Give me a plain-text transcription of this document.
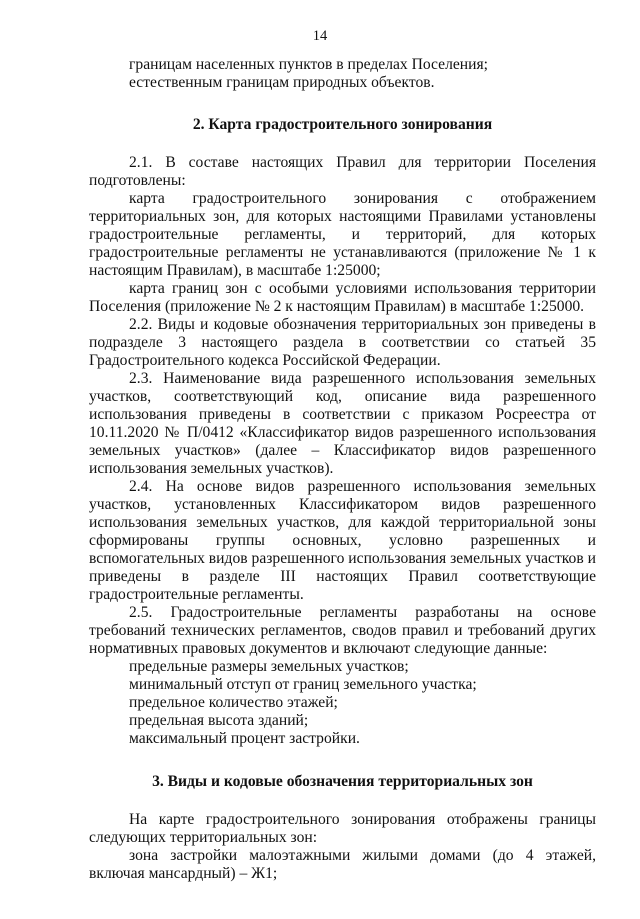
14

границам населенных пунктов в пределах Поселения;

естественным границам природных объектов.

2. Карта градостроительного зонирования

2.1. В составе настоящих Правил для территории Поселения подготовлены:

карта градостроительного зонирования с отображением территориальных зон, для которых настоящими Правилами установлены градостроительные регламенты, и территорий, для которых градостроительные регламенты не устанавливаются (приложение № 1 к настоящим Правилам), в масштабе 1:25000;

карта границ зон с особыми условиями использования территории Поселения (приложение № 2 к настоящим Правилам) в масштабе 1:25000.

2.2. Виды и кодовые обозначения территориальных зон приведены в подразделе 3 настоящего раздела в соответствии со статьей 35 Градостроительного кодекса Российской Федерации.

2.3. Наименование вида разрешенного использования земельных участков, соответствующий код, описание вида разрешенного использования приведены в соответствии с приказом Росреестра от 10.11.2020 № П/0412 «Классификатор видов разрешенного использования земельных участков» (далее – Классификатор видов разрешенного использования земельных участков).

2.4. На основе видов разрешенного использования земельных участков, установленных Классификатором видов разрешенного использования земельных участков, для каждой территориальной зоны сформированы группы основных, условно разрешенных и вспомогательных видов разрешенного использования земельных участков и приведены в разделе III настоящих Правил соответствующие градостроительные регламенты.

2.5. Градостроительные регламенты разработаны на основе требований технических регламентов, сводов правил и требований других нормативных правовых документов и включают следующие данные:

предельные размеры земельных участков;

минимальный отступ от границ земельного участка;

предельное количество этажей;

предельная высота зданий;

максимальный процент застройки.

3. Виды и кодовые обозначения территориальных зон

На карте градостроительного зонирования отображены границы следующих территориальных зон:

зона застройки малоэтажными жилыми домами (до 4 этажей, включая мансардный) – Ж1;
